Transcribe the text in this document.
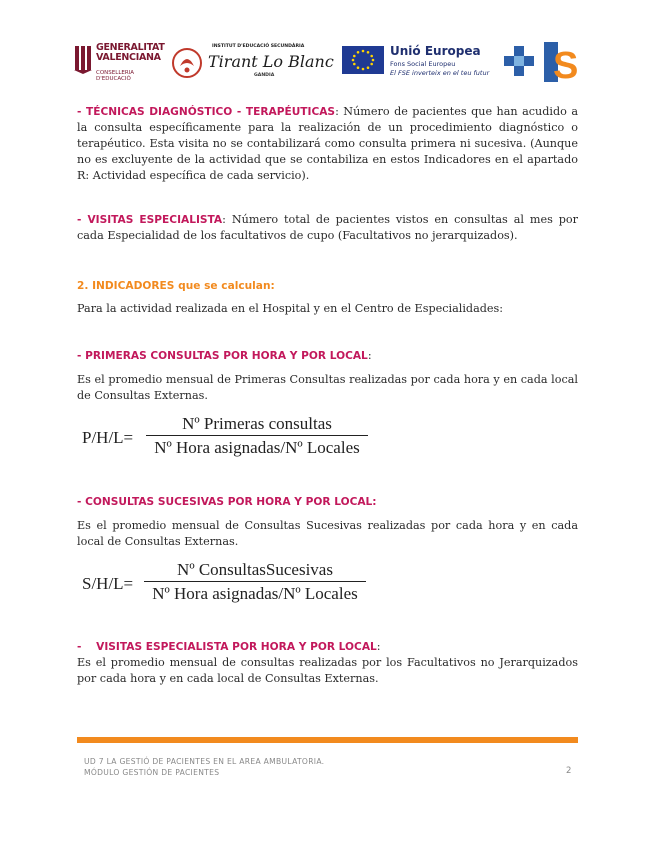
GENERALITAT
VALENCIANA
CONSELLERIA D'EDUCACIÓ
INSTITUT D'EDUCACIÓ SECUNDÀRIA
Tirant Lo Blanc
GANDIA
Unió Europea
Fons Social Europeu
El FSE inverteix en el teu futur S
- TÉCNICAS DIAGNÓSTICO - TERAPÉUTICAS: Número de pacientes que han acudido a la consulta específicamente para la realización de un procedimiento diagnóstico o terapéutico. Esta visita no se contabilizará como consulta primera ni sucesiva. (Aunque no es excluyente de la actividad que se contabiliza en estos Indicadores en el apartado R: Actividad específica de cada servicio).
- VISITAS ESPECIALISTA: Número total de pacientes vistos en consultas al mes por cada Especialidad de los facultativos de cupo (Facultativos no jerarquizados).
2. INDICADORES que se calculan:
Para la actividad realizada en el Hospital y en el Centro de Especialidades:
- PRIMERAS CONSULTAS POR HORA Y POR LOCAL:
Es el promedio mensual de Primeras Consultas realizadas por cada hora y en cada local de Consultas Externas.
P/H/L=
Nº Primeras consultas
Nº Hora asignadas/Nº Locales
- CONSULTAS SUCESIVAS POR HORA Y POR LOCAL:
Es el promedio mensual de Consultas Sucesivas realizadas por cada hora y en cada local de Consultas Externas.
S/H/L=
Nº ConsultasSucesivas
Nº Hora asignadas/Nº Locales
-    VISITAS ESPECIALISTA POR HORA Y POR LOCAL:
Es el promedio mensual de consultas realizadas por los Facultativos no Jerarquizados por cada hora y en cada local de Consultas Externas.
UD 7 LA GESTIÓ DE PACIENTES EN EL AREA AMBULATORIA.
MÓDULO GESTIÓN DE PACIENTES	2
